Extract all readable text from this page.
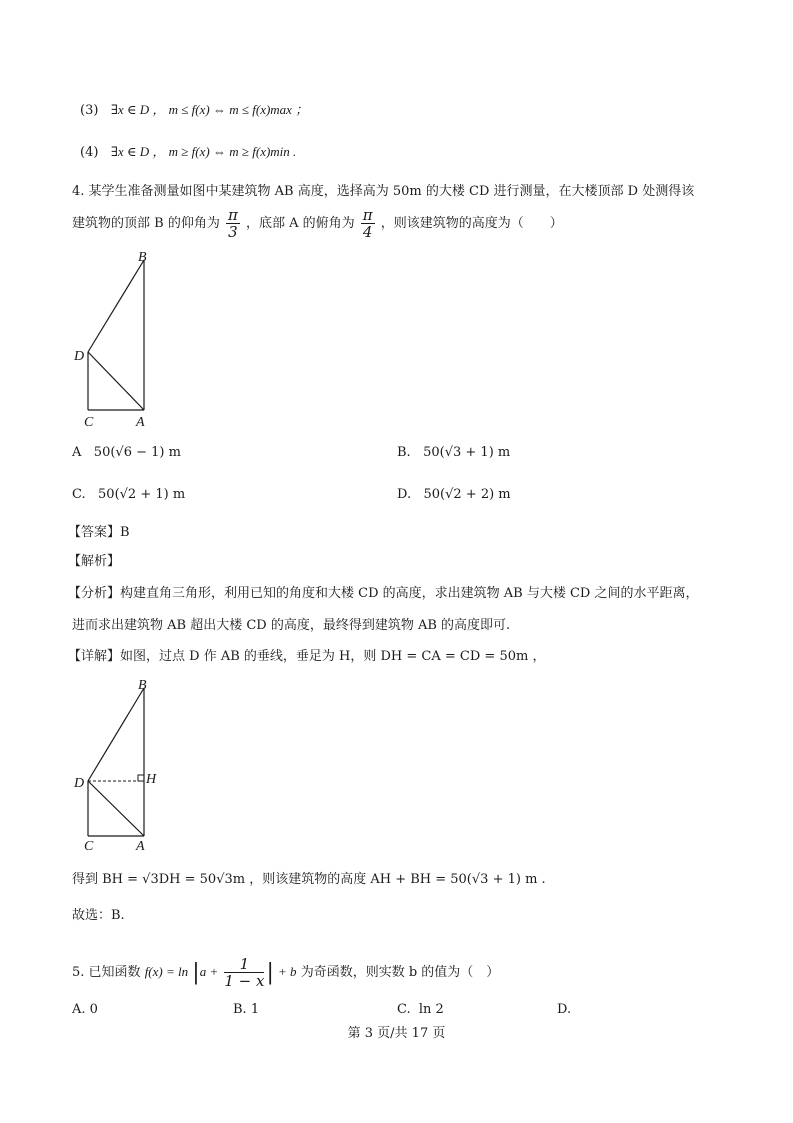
(3) ∃x ∈ D ， m ≤ f(x) ⇔ m ≤ f(x)max ；
(4) ∃x ∈ D ， m ≥ f(x) ⇔ m ≥ f(x)min .
4. 某学生准备测量如图中某建筑物 AB 高度，选择高为 50m 的大楼 CD 进行测量，在大楼顶部 D 处测得该
建筑物的顶部 B 的仰角为 $\frac{\pi}{3}$ ，底部 A 的俯角为 $\frac{\pi}{4}$ ，则该建筑物的高度为（　　）
B
D
C	A
A 50(√6 − 1) m	B. 50(√3 + 1) m
C. 50(√2 + 1) m	D. 50(√2 + 2) m
【答案】B
【解析】
【分析】构建直角三角形，利用已知的角度和大楼 CD 的高度，求出建筑物 AB 与大楼 CD 之间的水平距离，
进而求出建筑物 AB 超出大楼 CD 的高度，最终得到建筑物 AB 的高度即可.
【详解】如图，过点 D 作 AB 的垂线，垂足为 H，则 DH = CA = CD = 50m ，
B
D	H
C	A
得到 BH = √3DH = 50√3m ，则该建筑物的高度 AH + BH = 50(√3 + 1) m .
故选：B.
5. 已知函数 $f(x) = \ln |a + \frac{1}{1 - x}$ | + b 为奇函数，则实数 b 的值为（　）
A. 0	B. 1	C. ln 2	D.
第 3 页/共 17 页
